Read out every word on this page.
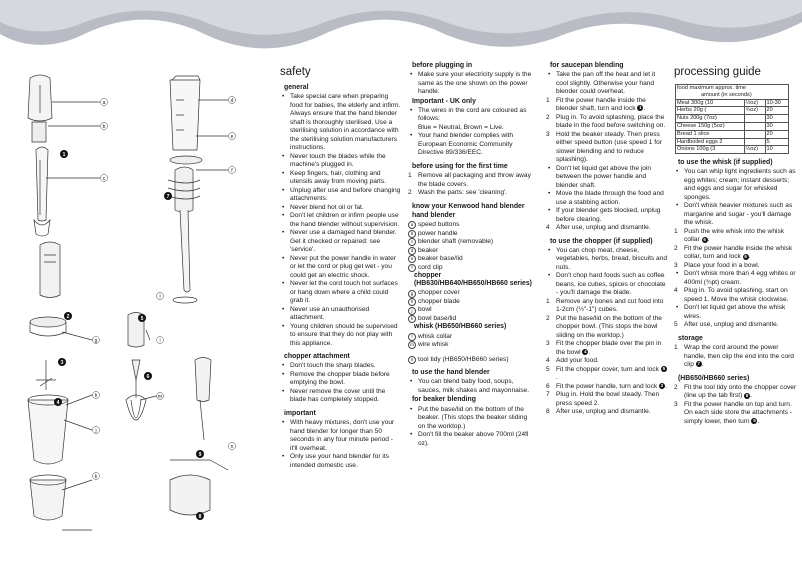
a
b
c
d
e
f
g
h
i
j
k
m
n
l
1
2
3
4
6
7
9
8
5
safety
general
• Take special care when preparing food for babies, the elderly and infirm. Always ensure that the hand blender shaft is thoroughly sterilised. Use a sterilising solution in accordance with the sterilising solution manufacturers instructions.
• Never touch the blades while the machine's plugged in.
• Keep fingers, hair, clothing and utensils away from moving parts.
• Unplug after use and before changing attachments.
• Never blend hot oil or fat.
• Don't let children or infirm people use the hand blender without supervision.
• Never use a damaged hand blender. Get it checked or repaired: see 'service'.
• Never put the power handle in water or let the cord or plug get wet - you could get an electric shock.
• Never let the cord touch hot surfaces or hang down where a child could grab it.
• Never use an unauthorised attachment.
• Young children should be supervised to ensure that they do not play with this appliance.
chopper attachment
• Don't touch the sharp blades.
• Remove the chopper blade before emptying the bowl.
• Never remove the cover until the blade has completely stopped.
important
• With heavy mixtures, don't use your hand blender for longer than 50 seconds in any four minute period - it'll overheat.
• Only use your hand blender for its intended domestic use.
before plugging in
• Make sure your electricity supply is the same as the one shown on the power handle.
Important - UK only
• The wires in the cord are coloured as follows:
Blue = Neutral, Brown = Live.
• Your hand blender complies with European Economic Community Directive 89/336/EEC.
before using for the first time
1 Remove all packaging and throw away the blade covers.
2 Wash the parts: see 'cleaning'.
know your Kenwood hand blender
hand blender
a speed buttons
b power handle
c blender shaft (removable)
d beaker
e beaker base/lid
f cord clip
chopper (HB630/HB640/HB650/HB660 series)
g chopper cover
h chopper blade
j bowl
k bowl base/lid
whisk (HB650/HB660 series)
l whisk collar
m wire whisk
n tool tidy (HB650/HB660 series)
to use the hand blender
• You can blend baby food, soups, sauces, milk shakes and mayonnaise.
for beaker blending
• Put the base/lid on the bottom of the beaker. (This stops the beaker sliding on the worktop.)
• Don't fill the beaker above 700ml (24fl oz).
for saucepan blending
• Take the pan off the heat and let it cool slightly. Otherwise your hand blender could overheat.
1 Fit the power handle inside the blender shaft, turn and lock 1 .
2 Plug in. To avoid splashing, place the blade in the food before switching on.
3 Hold the beaker steady. Then press either speed button (use speed 1 for slower blending and to reduce splashing).
• Don't let liquid get above the join between the power handle and blender shaft.
• Move the blade through the food and use a stabbing action.
• If your blender gets blocked, unplug before clearing.
4 After use, unplug and dismantle.
to use the chopper (if supplied)
• You can chop meat, cheese, vegetables, herbs, bread, biscuits and nuts.
• Don't chop hard foods such as coffee beans, ice cubes, spices or chocolate - you'll damage the blade.
1 Remove any bones and cut food into 1-2cm (½"-1") cubes.
2 Put the base/lid on the bottom of the chopper bowl. (This stops the bowl sliding on the worktop.)
3 Fit the chopper blade over the pin in the bowl 4 .
4 Add your food.
5 Fit the chopper cover, turn and lock 5.
6 Fit the power handle, turn and lock 2 .
7 Plug in. Hold the bowl steady. Then press speed 2.
8 After use, unplug and dismantle.
processing guide
food maximum approx. time
amount (in seconds)		
Meat 300g (10	½oz)	10-30
Herbs 20g (	¾oz)	20
Nuts 200g (7oz)		30
Cheese 150g (5oz)		30
Bread 1 slice		20
Hardboiled eggs 2		5
Onions 100g (3	½oz)	10
to use the whisk (if supplied)
• You can whip light ingredients such as egg whites; cream; instant desserts; and eggs and sugar for whisked sponges.
• Don't whisk heavier mixtures such as margarine and sugar - you'll damage the whisk.
1 Push the wire whisk into the whisk collar 6 .
2 Fit the power handle inside the whisk collar, turn and lock 6 .
3 Place your food in a bowl.
• Don't whisk more than 4 egg whites or 400ml (¾pt) cream.
4 Plug in. To avoid splashing, start on speed 1. Move the whisk clockwise.
• Don't let liquid get above the whisk wires.
5 After use, unplug and dismantle.
storage
1 Wrap the cord around the power handle, then clip the end into the cord clip 7 .
(HB650/HB660 series)
2 Fit the tool tidy onto the chopper cover (line up the tab first) 8 .
3 Fit the power handle on top and turn. On each side store the attachments - simply lower, then turn 9 .
